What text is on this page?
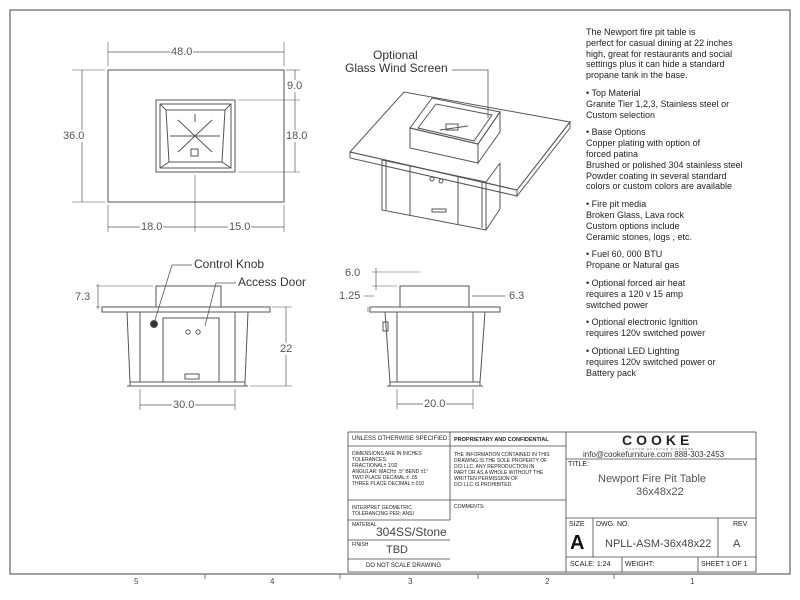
48.0
36.0
9.0
18.0
18.0	15.0
Optional
Glass Wind Screen
Control Knob
Access Door
7.3
22
30.0
6.0
1.25	6.3
20.0

The Newport fire pit table is
perfect for casual dining at 22 inches
high, great for restaurants and social
settings plus it can hide a standard
propane tank in the base.

• Top Material
Granite Tier 1,2,3, Stainless steel or
Custom selection

• Base Options
Copper plating with option of
forced patina
Brushed or polished 304 stainless steel
Powder coating in several standard
colors or custom colors are available

• Fire pit media
Broken Glass, Lava rock
Custom options include
Ceramic stones, logs , etc.

• Fuel 60, 000 BTU
Propane or Natural gas

• Optional forced air heat
requires a 120 v 15 amp
switched power

• Optional electronic Ignition
requires 120v switched power

• Optional LED Lighting
requires 120v switched power or
Battery pack

UNLESS OTHERWISE SPECIFIED:
DIMENSIONS ARE IN INCHES
TOLERANCES:
FRACTIONAL± 1/32
ANGULAR: MACH± .5° BEND ±1°
TWO PLACE DECIMAL ± .05
THREE PLACE DECIMAL ±.010
INTERPRET GEOMETRIC
TOLERANCING PER: ANSI
MATERIAL 304SS/Stone
FINISH TBD
DO NOT SCALE DRAWING
PROPRIETARY AND CONFIDENTIAL
THE INFORMATION CONTAINED IN THIS
DRAWING IS THE SOLE PROPERTY OF
DCI LLC. ANY REPRODUCTION IN
PART OR AS A WHOLE WITHOUT THE
WRITTEN PERMISSION OF
DCI LLC IS PROHIBITED.
COMMENTS:
COOKE
CUSTOM OUTDOOR KITCHENS
info@cookefurniture.com 888-303-2453
TITLE:
Newport Fire Pit Table
36x48x22
SIZE
A
DWG. NO.
NPLL-ASM-36x48x22
REV
A
SCALE: 1:24 WEIGHT:	SHEET 1 OF 1
5	4	3	2	1
